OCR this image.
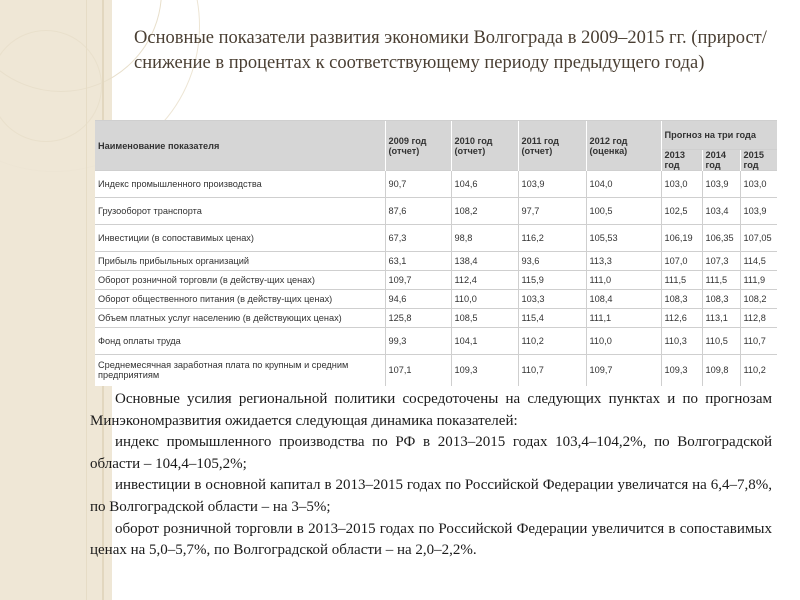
Основные показатели развития экономики Волгограда в 2009–2015 гг. (прирост/снижение в процентах к соответствующему периоду предыдущего года)
Наименование показателя	2009 год (отчет)	2010 год (отчет)	2011 год (отчет)	2012 год (оценка)	Прогноз на три года		
					2013 год	2014 год	2015 год
Индекс промышленного производства	90,7	104,6	103,9	104,0	103,0	103,9	103,0
Грузооборот транспорта	87,6	108,2	97,7	100,5	102,5	103,4	103,9
Инвестиции (в сопоставимых ценах)	67,3	98,8	116,2	105,53	106,19	106,35	107,05
Прибыль прибыльных организаций	63,1	138,4	93,6	113,3	107,0	107,3	114,5
Оборот розничной торговли (в действу-щих ценах)	109,7	112,4	115,9	111,0	111,5	111,5	111,9
Оборот общественного питания (в действу-щих ценах)	94,6	110,0	103,3	108,4	108,3	108,3	108,2
Объем платных услуг населению (в действующих ценах)	125,8	108,5	115,4	111,1	112,6	113,1	112,8
Фонд оплаты труда	99,3	104,1	110,2	110,0	110,3	110,5	110,7
Среднемесячная заработная плата по крупным и средним предприятиям	107,1	109,3	110,7	109,7	109,3	109,8	110,2

Основные усилия региональной политики сосредоточены на следующих пунктах и по прогнозам Минэкономразвития ожидается следующая динамика показателей:

индекс промышленного производства по РФ в 2013–2015 годах 103,4–104,2%, по Волгоградской области – 104,4–105,2%;

инвестиции в основной капитал в 2013–2015 годах по Российской Федерации увеличатся на 6,4–7,8%, по Волгоградской области – на 3–5%;

оборот розничной торговли в 2013–2015 годах по Российской Федерации увеличится в сопоставимых ценах на 5,0–5,7%, по Волгоградской области – на 2,0–2,2%.
